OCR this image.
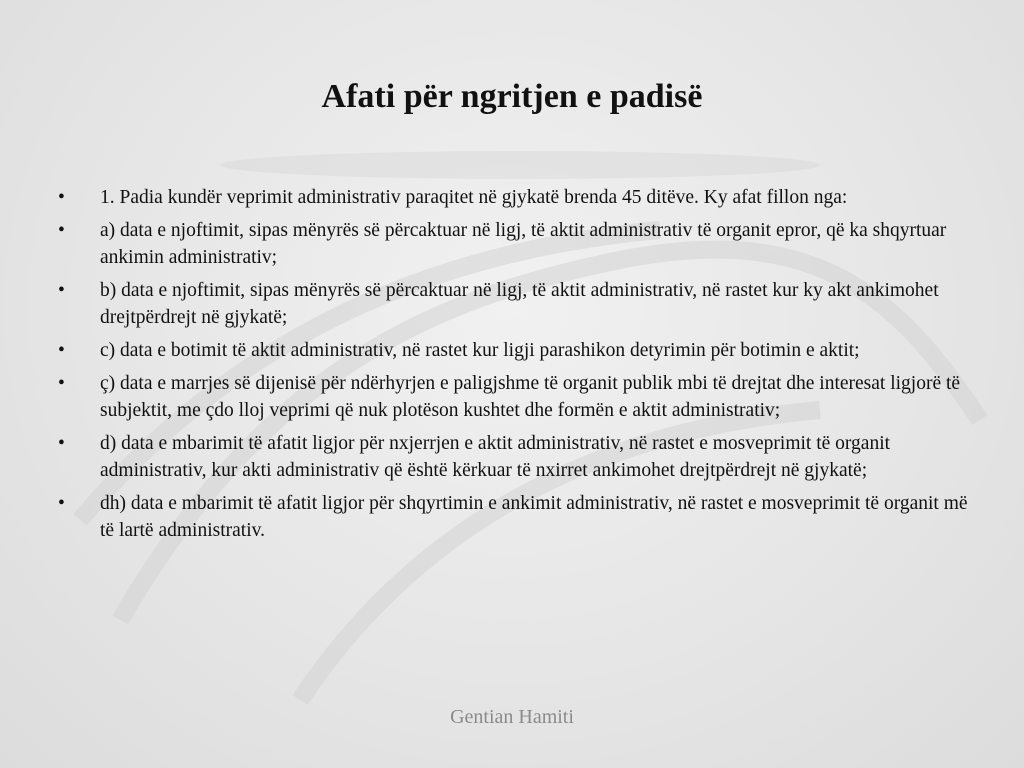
Afati për ngritjen e padisë
•	1. Padia kundër veprimit administrativ paraqitet në gjykatë brenda 45 ditëve. Ky afat fillon nga:
•	a) data e njoftimit, sipas mënyrës së përcaktuar në ligj, të aktit administrativ të organit epror, që ka shqyrtuar ankimin administrativ;
•	b) data e njoftimit, sipas mënyrës së përcaktuar në ligj, të aktit administrativ, në rastet kur ky akt ankimohet drejtpërdrejt në gjykatë;
•	c) data e botimit të aktit administrativ, në rastet kur ligji parashikon detyrimin për botimin e aktit;
•	ç) data e marrjes së dijenisë për ndërhyrjen e paligjshme të organit publik mbi të drejtat dhe interesat ligjorë të subjektit, me çdo lloj veprimi që nuk plotëson kushtet dhe formën e aktit administrativ;
•	d) data e mbarimit të afatit ligjor për nxjerrjen e aktit administrativ, në rastet e mosveprimit të organit administrativ, kur akti administrativ që është kërkuar të nxirret ankimohet drejtpërdrejt në gjykatë;
•	dh) data e mbarimit të afatit ligjor për shqyrtimin e ankimit administrativ, në rastet e mosveprimit të organit më të lartë administrativ.
Gentian Hamiti
